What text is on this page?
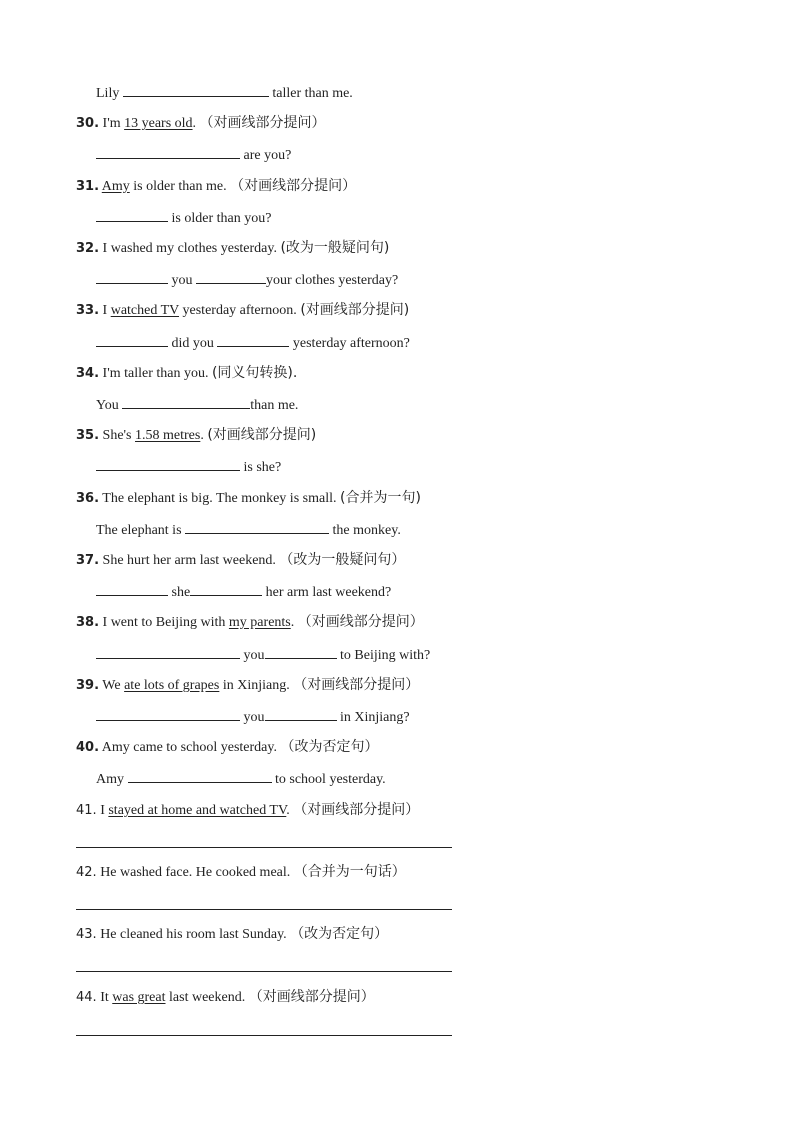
Lily	taller than me.
30. I'm 13 years old. （对画线部分提问）
are you?
31. Amy is older than me. （对画线部分提问）
is older than you?
32. I washed my clothes yesterday. (改为一般疑问句)
you	your clothes yesterday?
33. I watched TV yesterday afternoon. (对画线部分提问)
did you	yesterday afternoon?
34. I'm taller than you. (同义句转换).
You	than me.
35. She's 1.58 metres. (对画线部分提问)
is she?
36. The elephant is big. The monkey is small. (合并为一句)
The elephant is	the monkey.
37. She hurt her arm last weekend. （改为一般疑问句）
she	her arm last weekend?
38. I went to Beijing with my parents. （对画线部分提问）
you	to Beijing with?
39. We ate lots of grapes in Xinjiang. （对画线部分提问）
you	in Xinjiang?
40. Amy came to school yesterday. （改为否定句）
Amy	to school yesterday.
41. I stayed at home and watched TV. （对画线部分提问）
42. He washed face. He cooked meal. （合并为一句话）
43. He cleaned his room last Sunday. （改为否定句）
44. It was great last weekend. （对画线部分提问）
